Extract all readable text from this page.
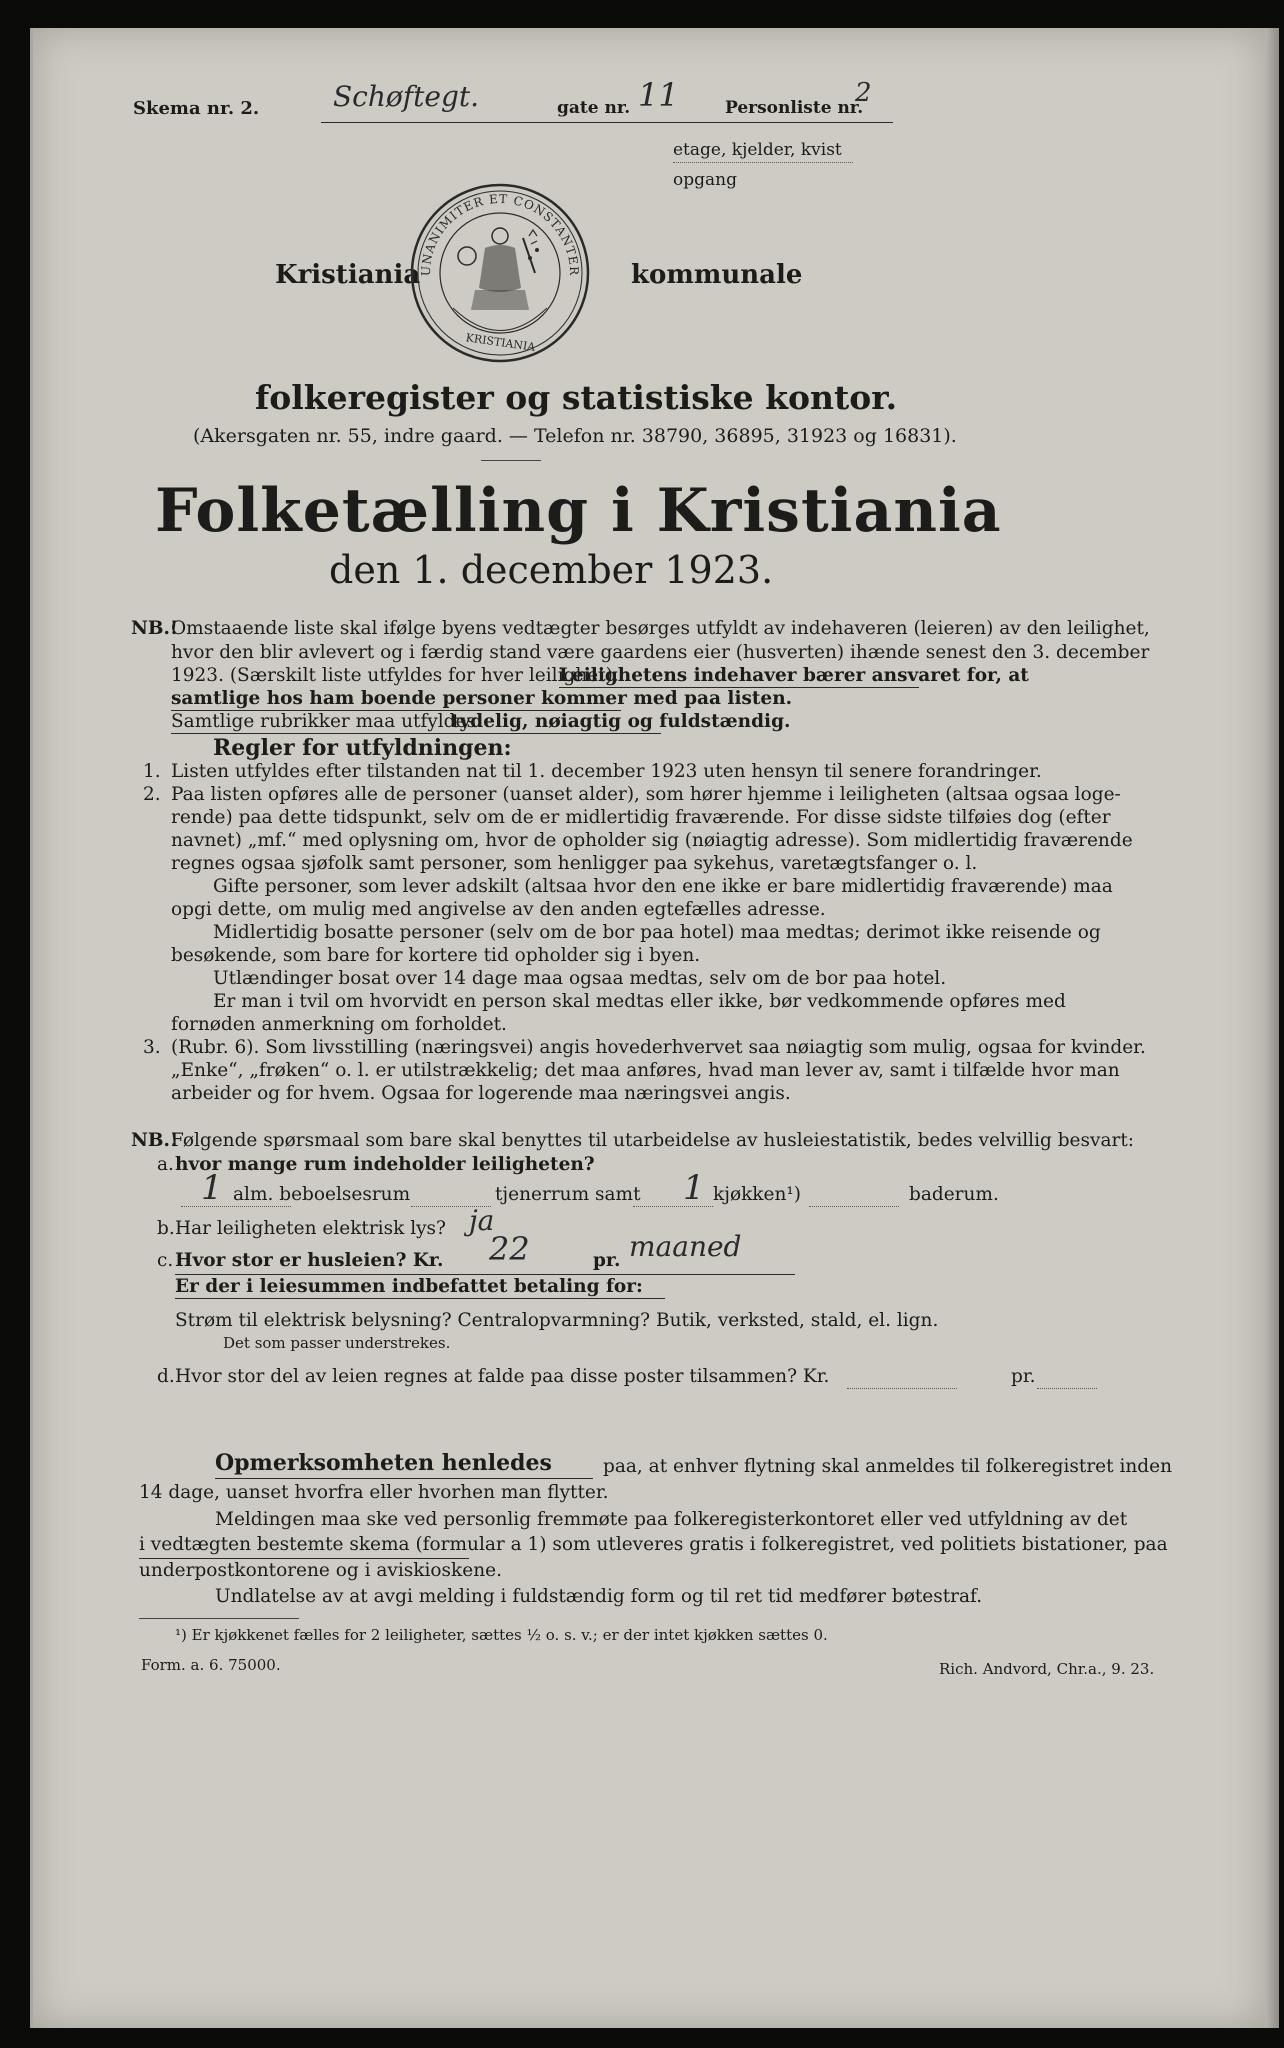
Skema nr. 2.	Schøftegt.	gate nr. 11	Personliste nr.
2
etage, kjelder, kvist
opgang
Kristiania
UNANIMITER ET CONSTANTER
KRISTIANIA
kommunale
folkeregister og statistiske kontor.
(Akersgaten nr. 55, indre gaard. — Telefon nr. 38790, 36895, 31923 og 16831).
Folketælling i Kristiania
den 1. december 1923.
NB.!

Omstaaende liste skal ifølge byens vedtægter besørges utfyldt av indehaveren (leieren) av den leilighet,

hvor den blir avlevert og i færdig stand være gaardens eier (husverten) ihænde senest den 3. december

1923. (Særskilt liste utfyldes for hver leilighet).

Leilighetens indehaver bærer ansvaret for, at

samtlige hos ham boende personer kommer med paa listen.

Samtlige rubrikker maa utfyldes

tydelig, nøiagtig og fuldstændig.

Regler for utfyldningen:

1. Listen utfyldes efter tilstanden nat til 1. december 1923 uten hensyn til senere forandringer.

2. Paa listen opføres alle de personer (uanset alder), som hører hjemme i leiligheten (altsaa ogsaa loge-

rende) paa dette tidspunkt, selv om de er midlertidig fraværende. For disse sidste tilføies dog (efter

navnet) „mf.“ med oplysning om, hvor de opholder sig (nøiagtig adresse). Som midlertidig fraværende

regnes ogsaa sjøfolk samt personer, som henligger paa sykehus, varetægtsfanger o. l.

Gifte personer, som lever adskilt (altsaa hvor den ene ikke er bare midlertidig fraværende) maa

opgi dette, om mulig med angivelse av den anden egtefælles adresse.

Midlertidig bosatte personer (selv om de bor paa hotel) maa medtas; derimot ikke reisende og

besøkende, som bare for kortere tid opholder sig i byen.

Utlændinger bosat over 14 dage maa ogsaa medtas, selv om de bor paa hotel.

Er man i tvil om hvorvidt en person skal medtas eller ikke, bør vedkommende opføres med

fornøden anmerkning om forholdet.

3. (Rubr. 6). Som livsstilling (næringsvei) angis hovederhvervet saa nøiagtig som mulig, ogsaa for kvinder.

„Enke“, „frøken“ o. l. er utilstrækkelig; det maa anføres, hvad man lever av, samt i tilfælde hvor man

arbeider og for hvem. Ogsaa for logerende maa næringsvei angis.

NB.!

Følgende spørsmaal som bare skal benyttes til utarbeidelse av husleiestatistik, bedes velvillig besvart:

a. hvor mange rum indeholder leiligheten?

1 alm. beboelsesrum	tjenerrum samt 1 kjøkken¹)	baderum.

b. Har leiligheten elektrisk lys? ja

c. Hvor stor er husleien? Kr. 22	pr. maaned

Er der i leiesummen indbefattet betaling for:

Strøm til elektrisk belysning? Centralopvarmning? Butik, verksted, stald, el. lign.

Det som passer understrekes.

d. Hvor stor del av leien regnes at falde paa disse poster tilsammen? Kr.	pr.

Opmerksomheten henledes	paa, at enhver flytning skal anmeldes til folkeregistret inden

14 dage, uanset hvorfra eller hvorhen man flytter.

Meldingen maa ske ved personlig fremmøte paa folkeregisterkontoret eller ved utfyldning av det

i vedtægten bestemte skema (formular a 1) som utleveres gratis i folkeregistret, ved politiets bistationer, paa

underpostkontorene og i aviskioskene.

Undlatelse av at avgi melding i fuldstændig form og til ret tid medfører bøtestraf.

¹) Er kjøkkenet fælles for 2 leiligheter, sættes ½ o. s. v.; er der intet kjøkken sættes 0.

Form. a. 6. 75000.	Rich. Andvord, Chr.a., 9. 23.
